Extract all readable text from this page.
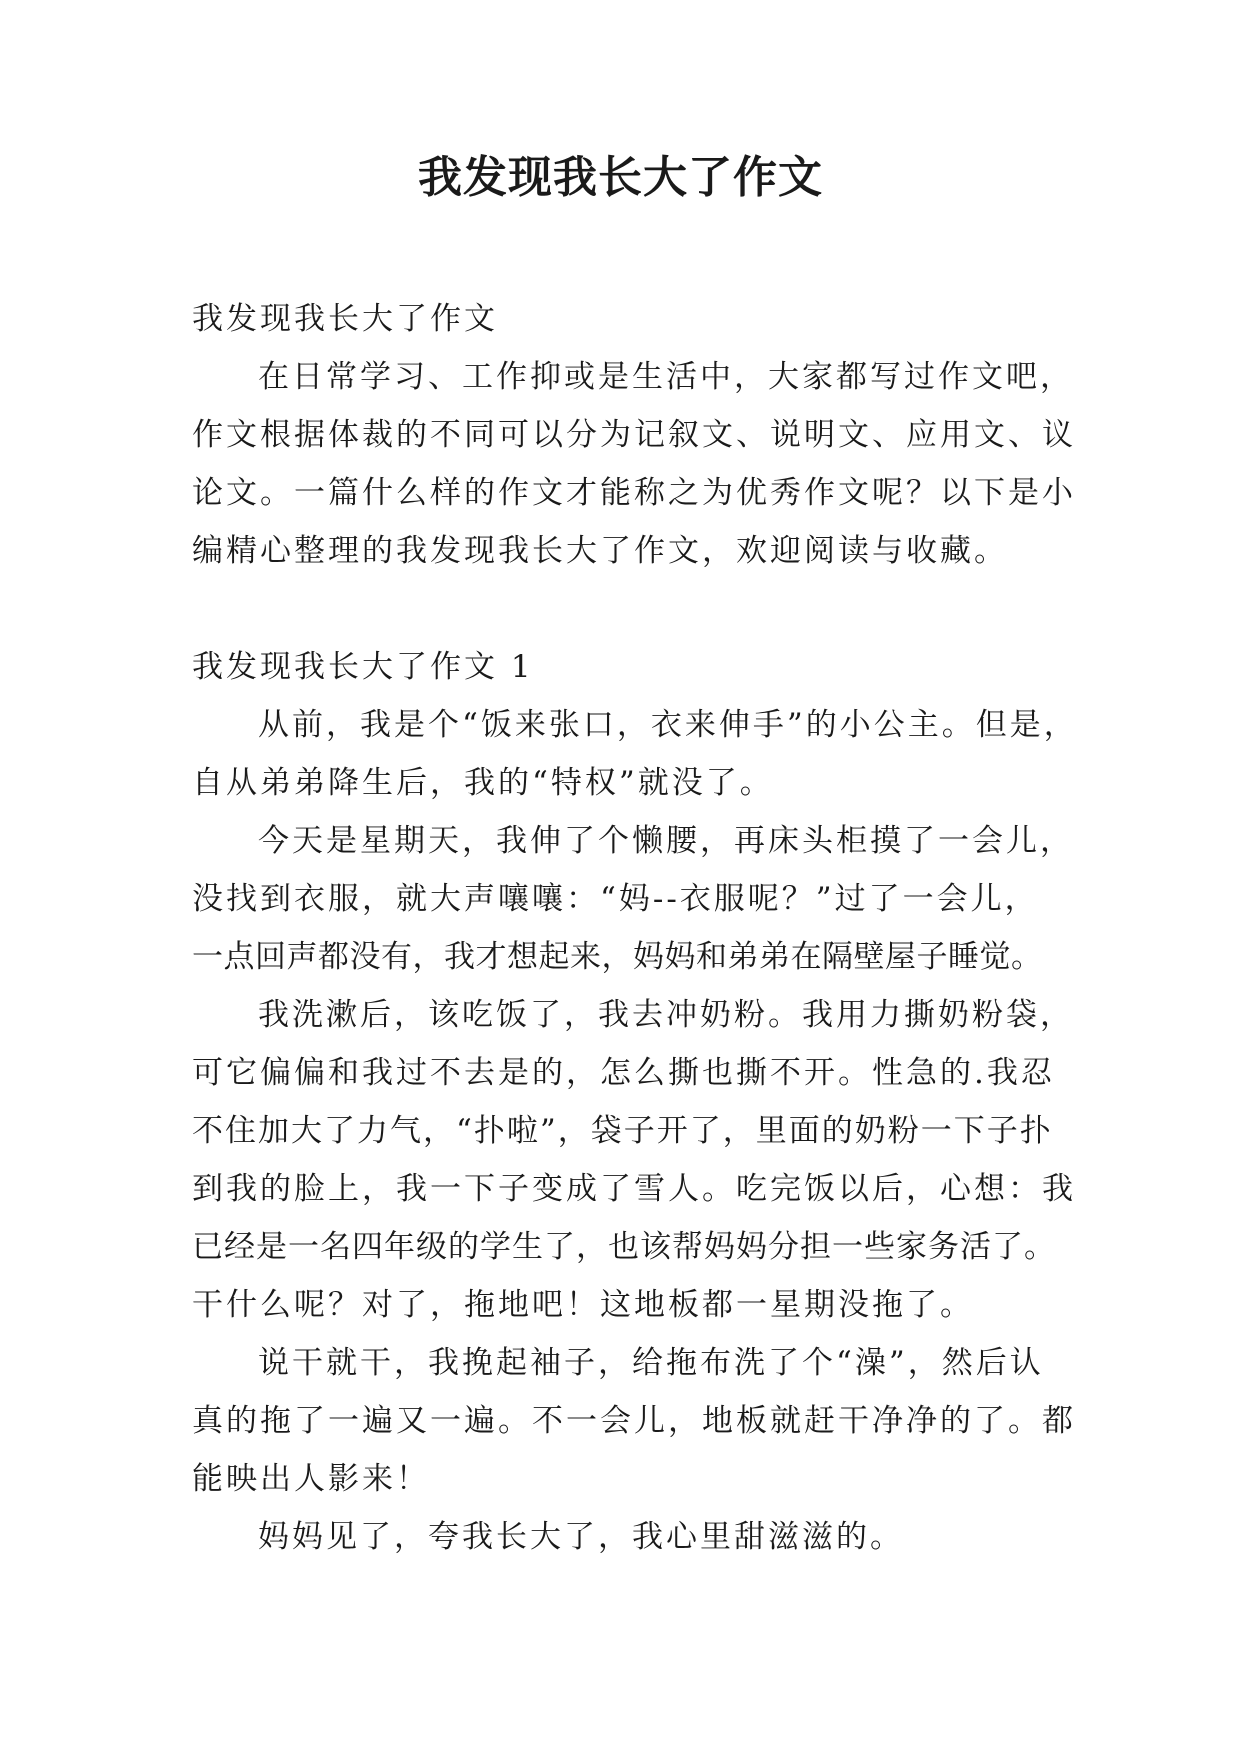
我发现我长大了作文

我发现我长大了作文

在日常学习、工作抑或是生活中，大家都写过作文吧，

作文根据体裁的不同可以分为记叙文、说明文、应用文、议

论文。一篇什么样的作文才能称之为优秀作文呢？以下是小

编精心整理的我发现我长大了作文，欢迎阅读与收藏。

我发现我长大了作文 1

从前，我是个“饭来张口，衣来伸手”的小公主。但是，

自从弟弟降生后，我的“特权”就没了。

今天是星期天，我伸了个懒腰，再床头柜摸了一会儿，

没找到衣服，就大声嚷嚷：“妈--衣服呢？”过了一会儿，

一点回声都没有，我才想起来，妈妈和弟弟在隔壁屋子睡觉。

我洗漱后，该吃饭了，我去冲奶粉。我用力撕奶粉袋，

可它偏偏和我过不去是的，怎么撕也撕不开。性急的.我忍

不住加大了力气，“扑啦”，袋子开了，里面的奶粉一下子扑

到我的脸上，我一下子变成了雪人。吃完饭以后，心想：我

已经是一名四年级的学生了，也该帮妈妈分担一些家务活了。

干什么呢？对了，拖地吧！这地板都一星期没拖了。

说干就干，我挽起袖子，给拖布洗了个“澡”，然后认

真的拖了一遍又一遍。不一会儿，地板就赶干净净的了。都

能映出人影来！

妈妈见了，夸我长大了，我心里甜滋滋的。
